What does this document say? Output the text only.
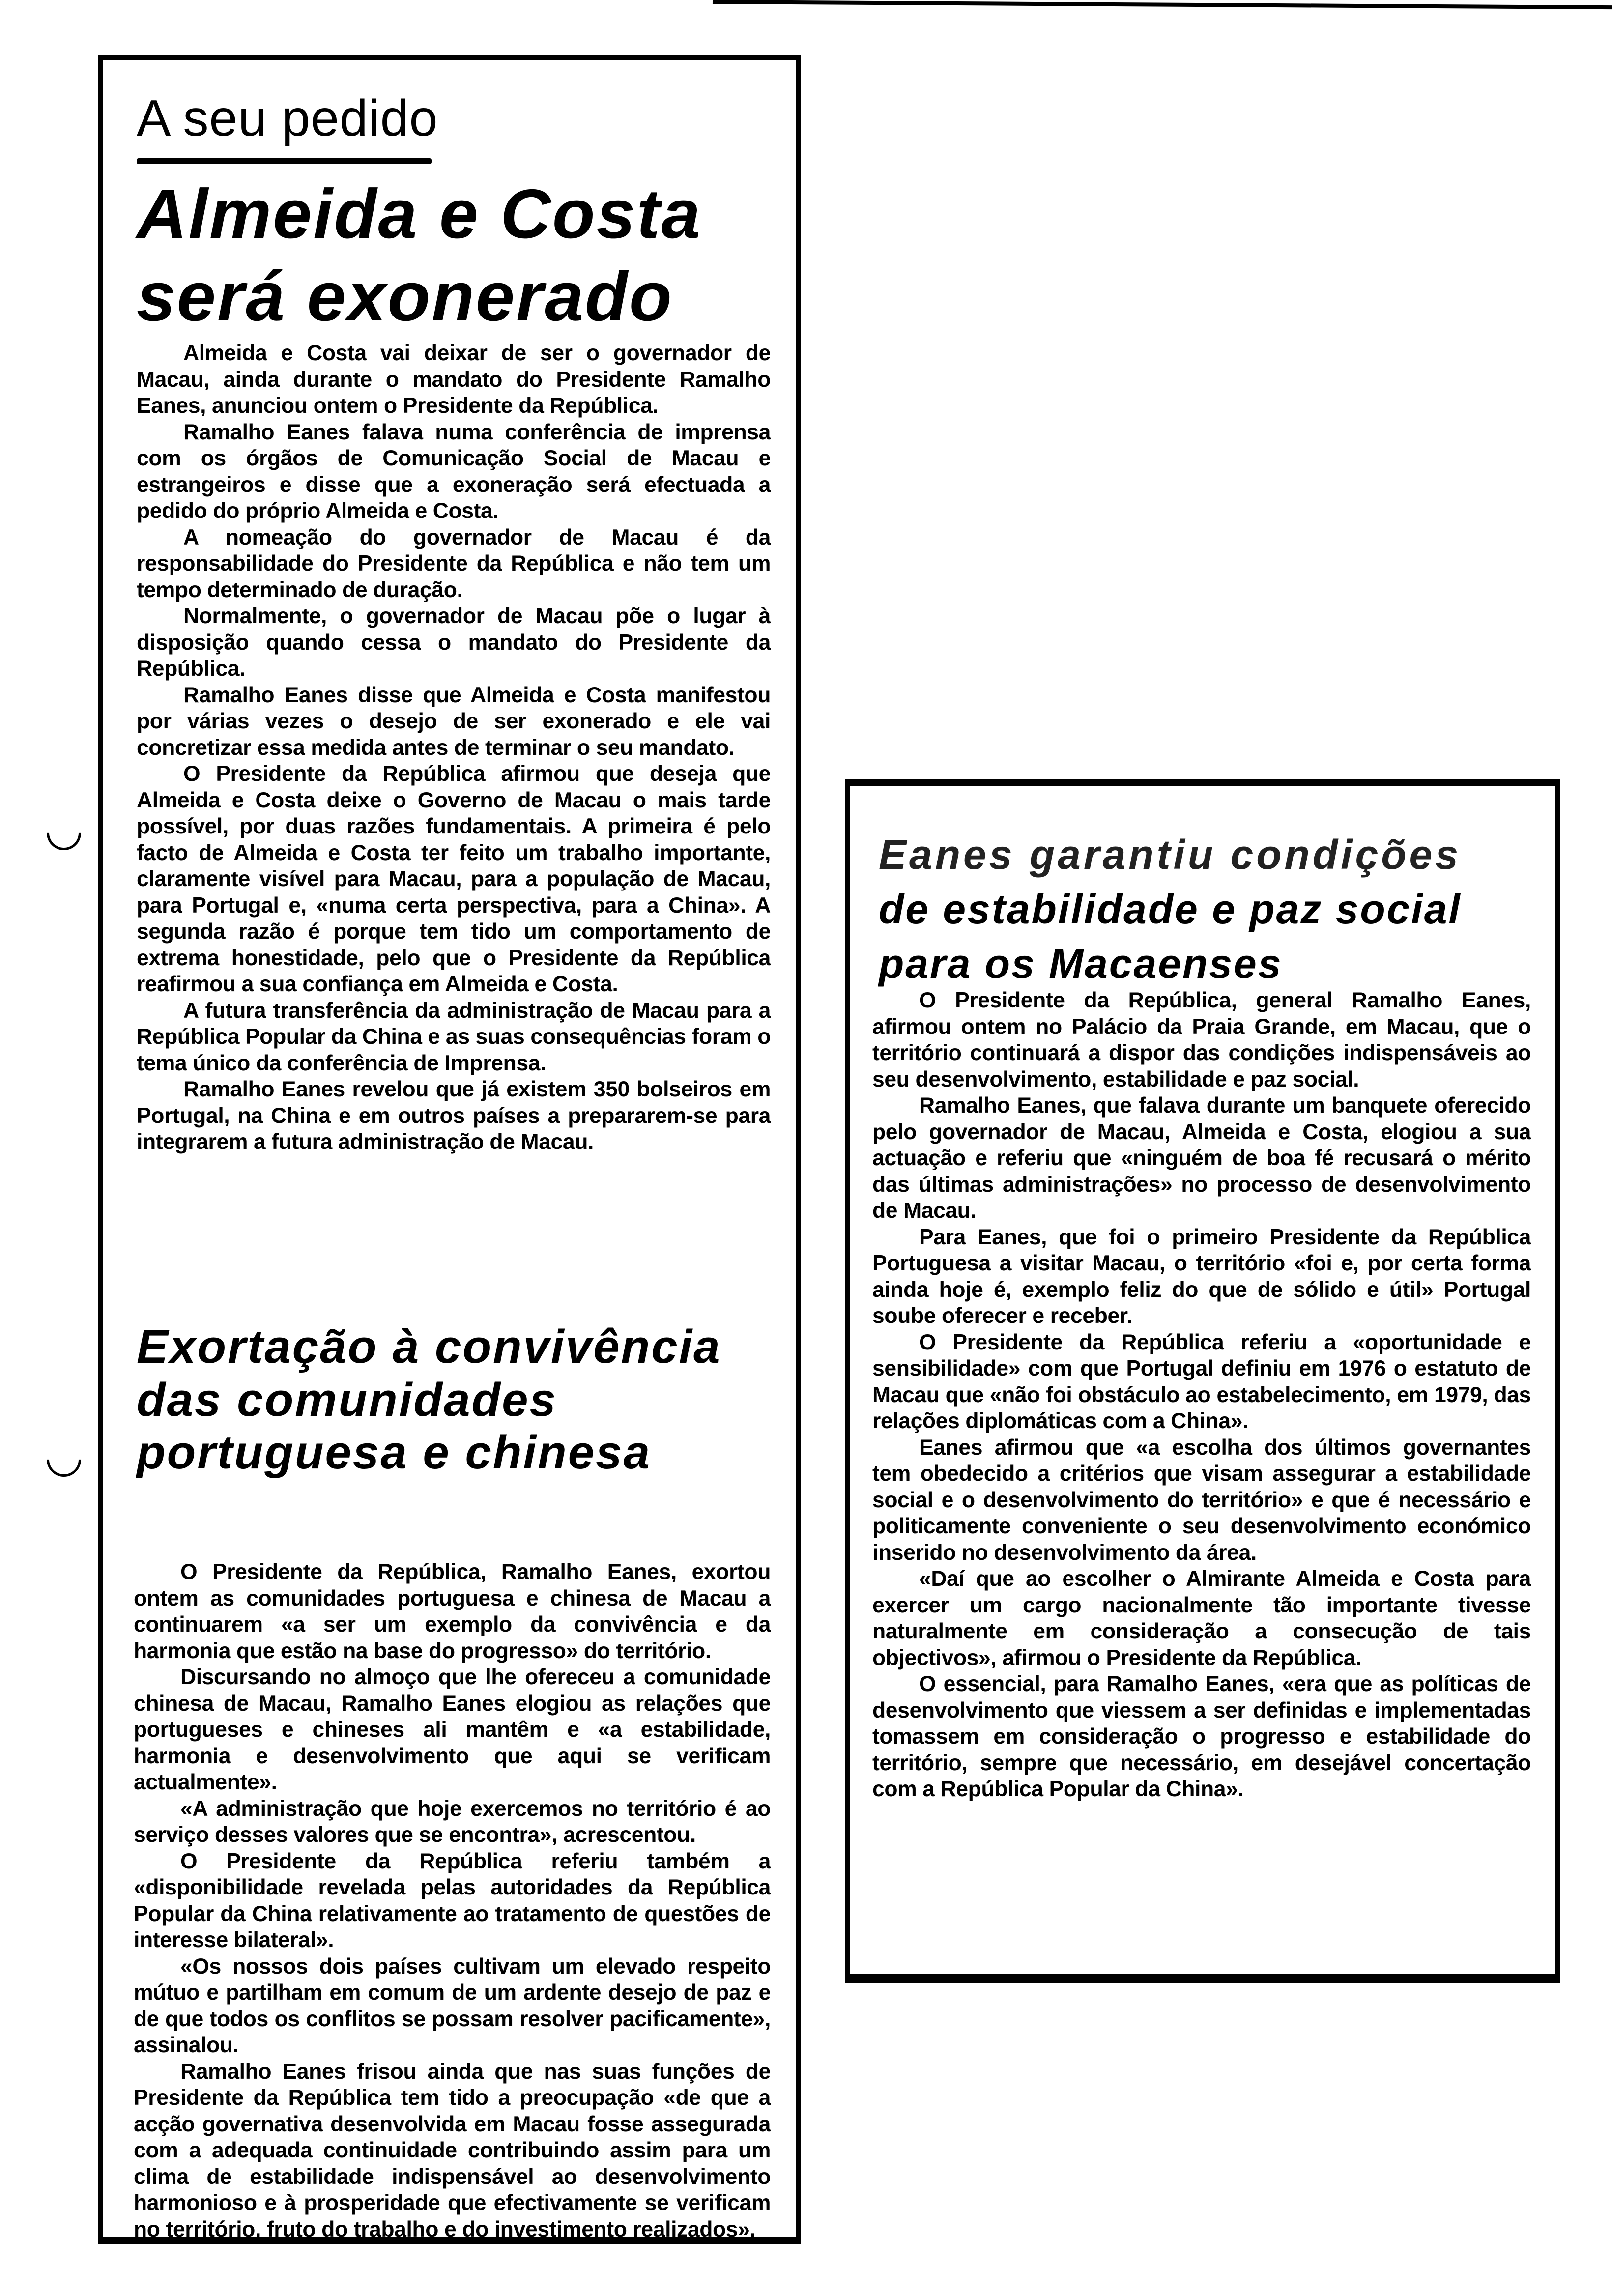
A seu pedido
Almeida e Costa
será exonerado

Almeida e Costa vai deixar de ser o governador de Macau, ainda durante o mandato do Presidente Ramalho Eanes, anunciou ontem o Presidente da República.

Ramalho Eanes falava numa conferência de imprensa com os órgãos de Comunicação Social de Macau e estrangeiros e disse que a exoneração será efectuada a pedido do próprio Almeida e Costa.

A nomeação do governador de Macau é da responsabilidade do Presidente da República e não tem um tempo determinado de duração.

Normalmente, o governador de Macau põe o lugar à disposição quando cessa o mandato do Presidente da República.

Ramalho Eanes disse que Almeida e Costa manifestou por várias vezes o desejo de ser exonerado e ele vai concretizar essa medida antes de terminar o seu mandato.

O Presidente da República afirmou que deseja que Almeida e Costa deixe o Governo de Macau o mais tarde possível, por duas razões fundamentais. A primeira é pelo facto de Almeida e Costa ter feito um trabalho importante, claramente visível para Macau, para a população de Macau, para Portugal e, «numa certa perspectiva, para a China». A segunda razão é porque tem tido um comportamento de extrema honestidade, pelo que o Presidente da República reafirmou a sua confiança em Almeida e Costa.

A futura transferência da administração de Macau para a República Popular da China e as suas consequências foram o tema único da conferência de Imprensa.

Ramalho Eanes revelou que já existem 350 bolseiros em Portugal, na China e em outros países a prepararem-se para integrarem a futura administração de Macau.

Exortação à convivência
das comunidades
portuguesa e chinesa

O Presidente da República, Ramalho Eanes, exortou ontem as comunidades portuguesa e chinesa de Macau a continuarem «a ser um exemplo da convivência e da harmonia que estão na base do progresso» do território.

Discursando no almoço que lhe ofereceu a comunidade chinesa de Macau, Ramalho Eanes elogiou as relações que portugueses e chineses ali mantêm e «a estabilidade, harmonia e desenvolvimento que aqui se verificam actualmente».

«A administração que hoje exercemos no território é ao serviço desses valores que se encontra», acrescentou.

O Presidente da República referiu também a «disponibilidade revelada pelas autoridades da República Popular da China relativamente ao tratamento de questões de interesse bilateral».

«Os nossos dois países cultivam um elevado respeito mútuo e partilham em comum de um ardente desejo de paz e de que todos os conflitos se possam resolver pacificamente», assinalou.

Ramalho Eanes frisou ainda que nas suas funções de Presidente da República tem tido a preocupação «de que a acção governativa desenvolvida em Macau fosse assegurada com a adequada continuidade contribuindo assim para um clima de estabilidade indispensável ao desenvolvimento harmonioso e à prosperidade que efectivamente se verificam no território, fruto do trabalho e do investimento realizados».

Eanes garantiu condições
de estabilidade e paz social
para os Macaenses

O Presidente da República, general Ramalho Eanes, afirmou ontem no Palácio da Praia Grande, em Macau, que o território continuará a dispor das condições indispensáveis ao seu desenvolvimento, estabilidade e paz social.

Ramalho Eanes, que falava durante um banquete oferecido pelo governador de Macau, Almeida e Costa, elogiou a sua actuação e referiu que «ninguém de boa fé recusará o mérito das últimas administrações» no processo de desenvolvimento de Macau.

Para Eanes, que foi o primeiro Presidente da República Portuguesa a visitar Macau, o território «foi e, por certa forma ainda hoje é, exemplo feliz do que de sólido e útil» Portugal soube oferecer e receber.

O Presidente da República referiu a «oportunidade e sensibilidade» com que Portugal definiu em 1976 o estatuto de Macau que «não foi obstáculo ao estabelecimento, em 1979, das relações diplomáticas com a China».

Eanes afirmou que «a escolha dos últimos governantes tem obedecido a critérios que visam assegurar a estabilidade social e o desenvolvimento do território» e que é necessário e politicamente conveniente o seu desenvolvimento económico inserido no desenvolvimento da área.

«Daí que ao escolher o Almirante Almeida e Costa para exercer um cargo nacionalmente tão importante tivesse naturalmente em consideração a consecução de tais objectivos», afirmou o Presidente da República.

O essencial, para Ramalho Eanes, «era que as políticas de desenvolvimento que viessem a ser definidas e implementadas tomassem em consideração o progresso e estabilidade do território, sempre que necessário, em desejável concertação com a República Popular da China».
